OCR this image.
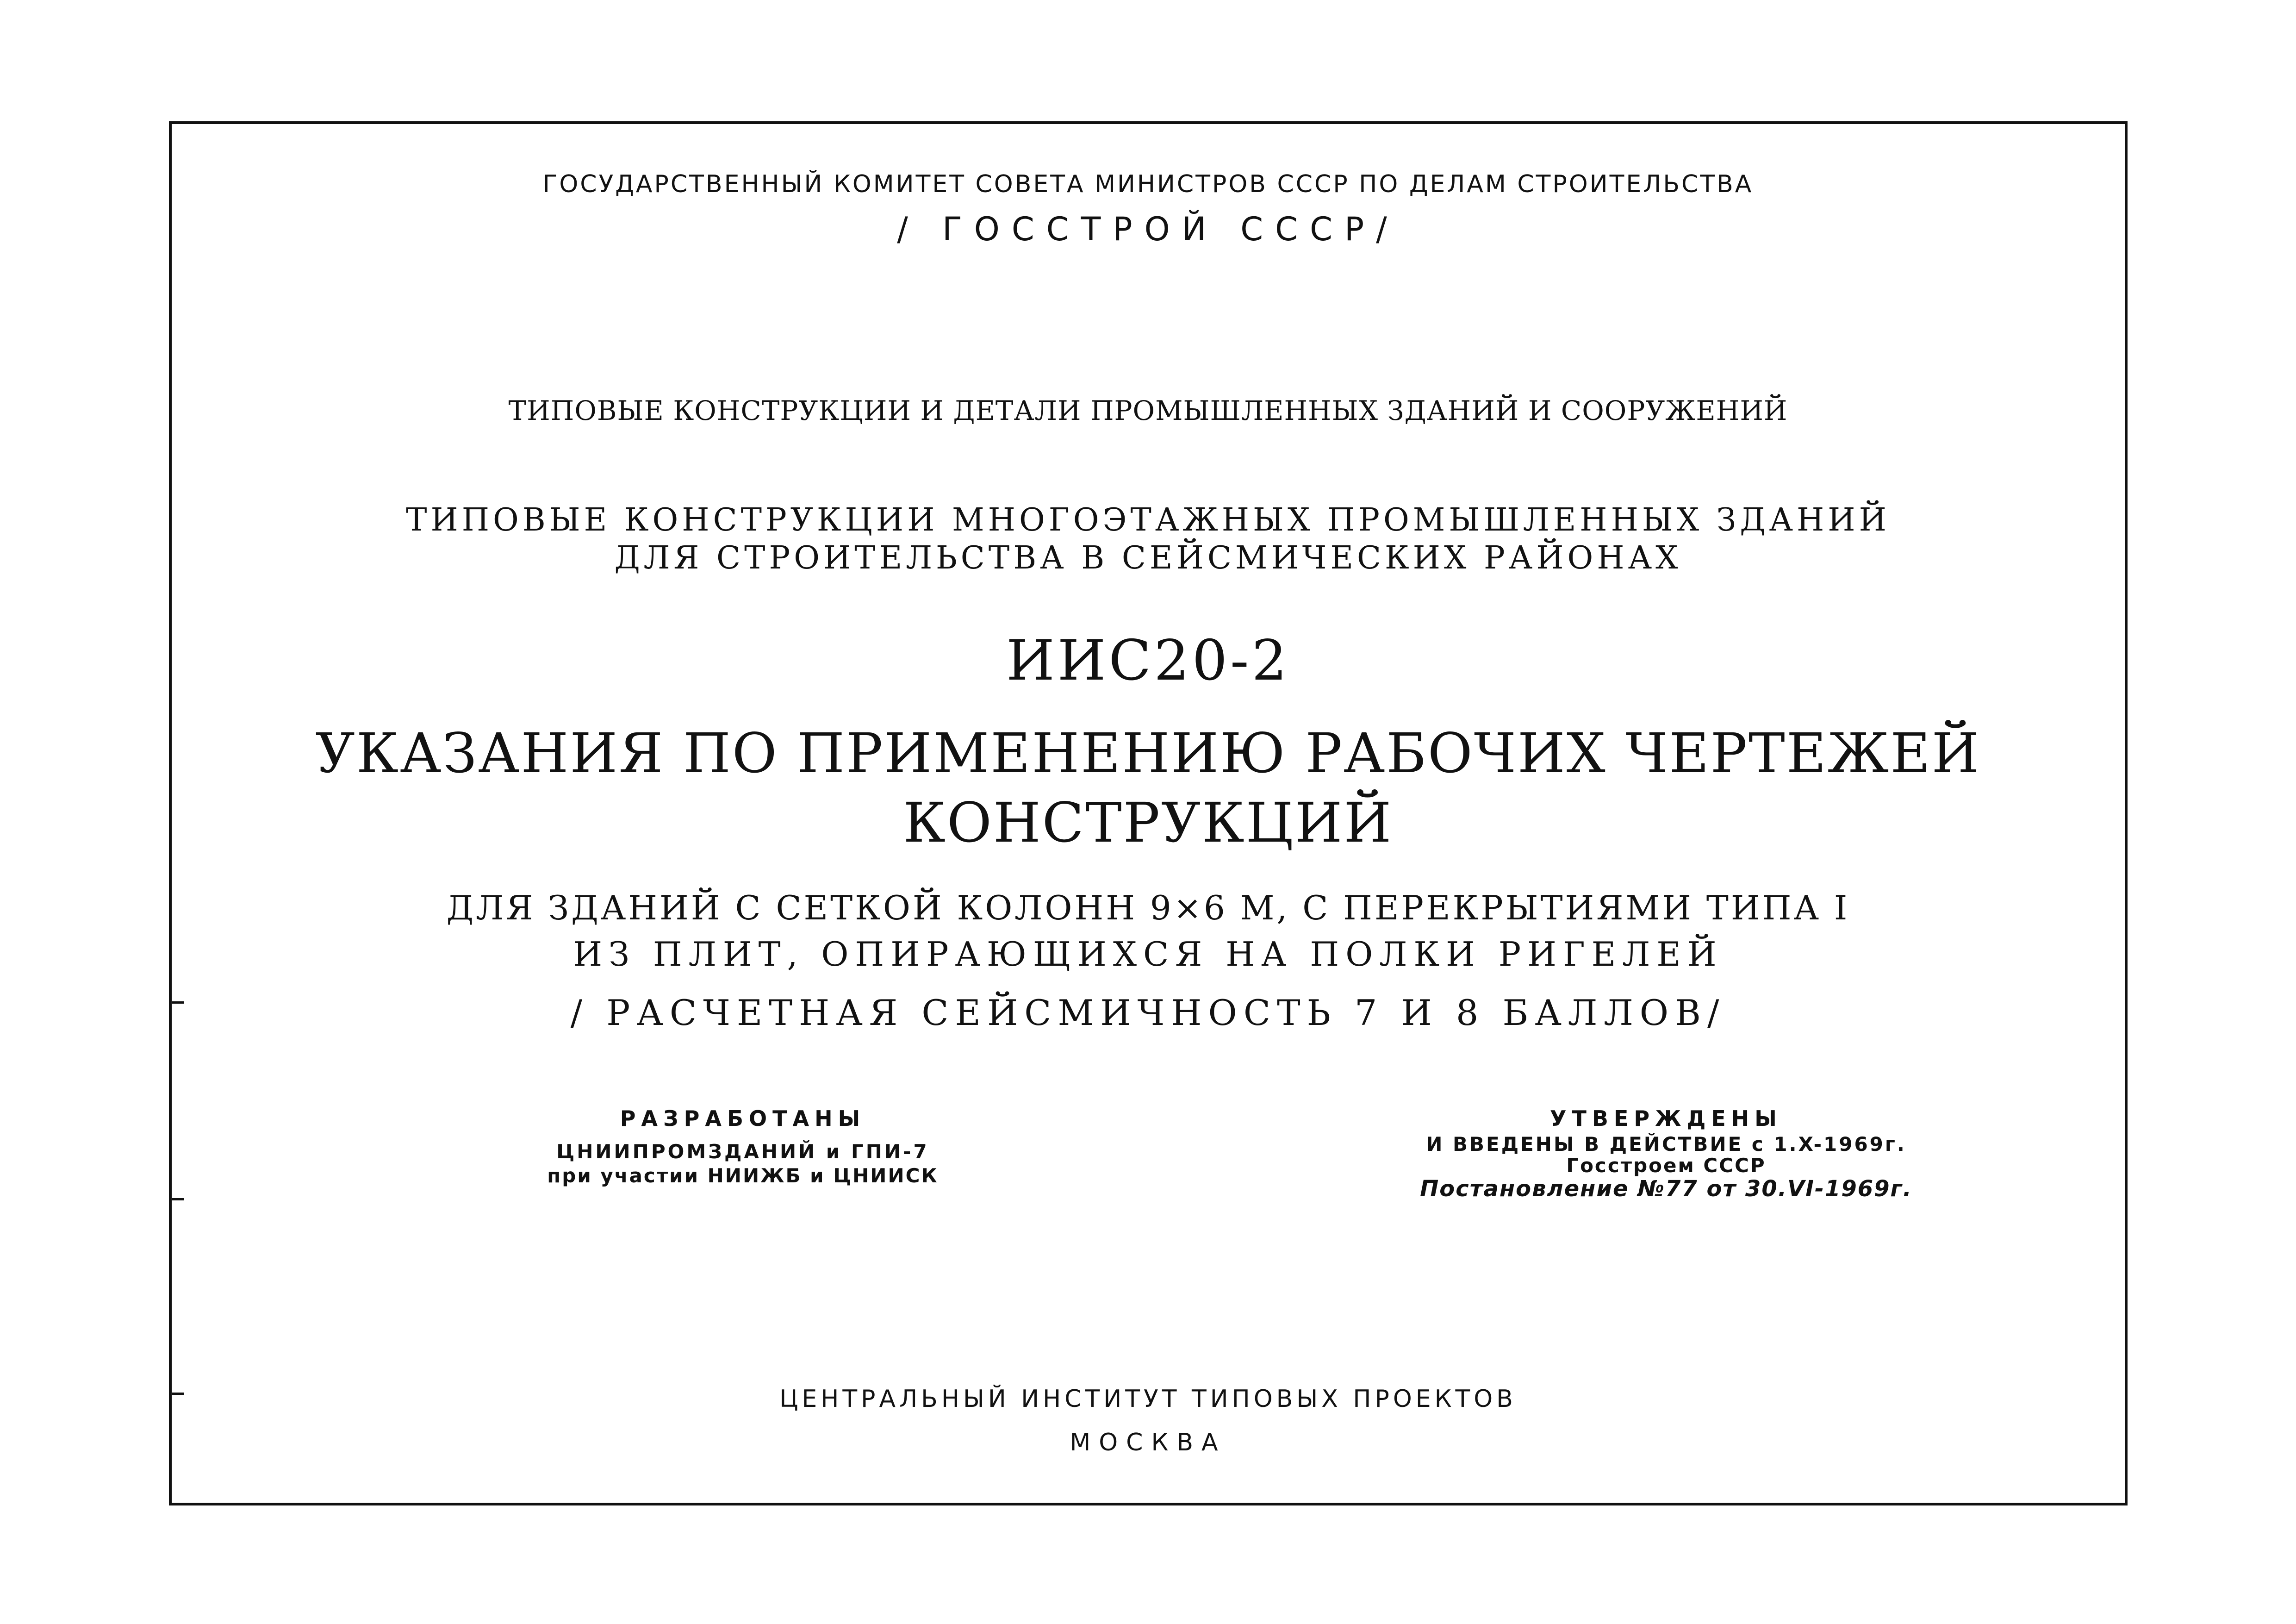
ГОСУДАРСТВЕННЫЙ КОМИТЕТ СОВЕТА МИНИСТРОВ СССР ПО ДЕЛАМ СТРОИТЕЛЬСТВА
/ ГОССТРОЙ СССР/
ТИПОВЫЕ КОНСТРУКЦИИ И ДЕТАЛИ ПРОМЫШЛЕННЫХ ЗДАНИЙ И СООРУЖЕНИЙ
ТИПОВЫЕ КОНСТРУКЦИИ МНОГОЭТАЖНЫХ ПРОМЫШЛЕННЫХ ЗДАНИЙ
ДЛЯ СТРОИТЕЛЬСТВА В СЕЙСМИЧЕСКИХ РАЙОНАХ
ИИС20-2
УКАЗАНИЯ ПО ПРИМЕНЕНИЮ РАБОЧИХ ЧЕРТЕЖЕЙ
КОНСТРУКЦИЙ
ДЛЯ ЗДАНИЙ С СЕТКОЙ КОЛОНН 9×6 М, С ПЕРЕКРЫТИЯМИ ТИПА I
ИЗ ПЛИТ, ОПИРАЮЩИХСЯ НА ПОЛКИ РИГЕЛЕЙ
/ РАСЧЕТНАЯ СЕЙСМИЧНОСТЬ 7 И 8 БАЛЛОВ/
РАЗРАБОТАНЫ
ЦНИИПРОМЗДАНИЙ и ГПИ-7
при участии НИИЖБ и ЦНИИСК
УТВЕРЖДЕНЫ
И ВВЕДЕНЫ В ДЕЙСТВИЕ с 1.X-1969г.
Госстроем СССР
Постановление №77 от 30.VI-1969г.
ЦЕНТРАЛЬНЫЙ ИНСТИТУТ ТИПОВЫХ ПРОЕКТОВ
МОСКВА
